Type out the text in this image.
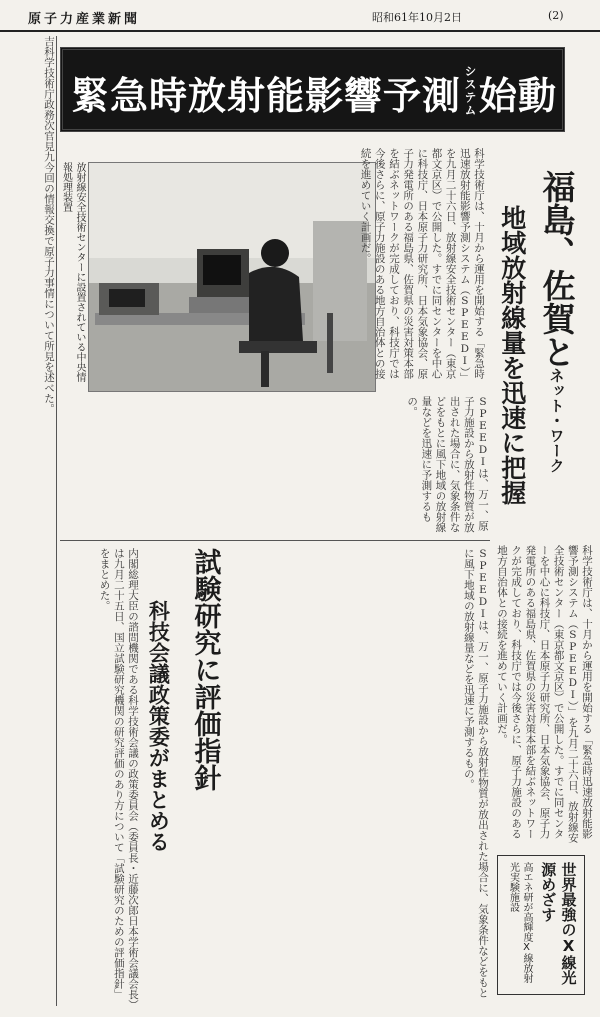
原子力産業新聞	昭和61年10月2日	(2)
吉科学技術庁政務次官見九今回の情報交換で原子力事情について所見を述べた。 緊急時放射能影響予測 システム始動
放射線安全技術センターに設置されている中央情報処理装置	福島、佐賀とネット・ワーク
地域放射線量を迅速に把握
科学技術庁は、十月から運用を開始する「緊急時迅速放射能影響予測システム（SPEEDI）」を九月二十六日、放射線安全技術センター（東京都文京区）で公開した。すでに同センターを中心に科技庁、日本原子力研究所、日本気象協会、原子力発電所のある福島県、佐賀県の災害対策本部を結ぶネットワークが完成しており、科技庁では今後さらに、原子力施設のある地方自治体との接続を進めていく計画だ。
SPEEDIは、万一、原子力施設から放射性物質が放出された場合に、気象条件などをもとに風下地域の放射線量などを迅速に予測するもの。
試験研究に評価指針
科技会議政策委がまとめる
内閣総理大臣の諮問機関である科学技術会議の政策委員会（委員長・近藤次郎日本学術会議会長）は九月二十五日、国立試験研究機関の研究評価のあり方について「試験研究のための評価指針」をまとめた。	SPEEDIは、万一、原子力施設から放射性物質が放出された場合に、気象条件などをもとに風下地域の放射線量などを迅速に予測するもの。	科学技術庁は、十月から運用を開始する「緊急時迅速放射能影響予測システム（SPEEDI）」を九月二十六日、放射線安全技術センター（東京都文京区）で公開した。すでに同センターを中心に科技庁、日本原子力研究所、日本気象協会、原子力発電所のある福島県、佐賀県の災害対策本部を結ぶネットワークが完成しており、科技庁では今後さらに、原子力施設のある地方自治体との接続を進めていく計画だ。
世界最強のX線光源めざす
高エネ研が高輝度X線放射光実験施設
